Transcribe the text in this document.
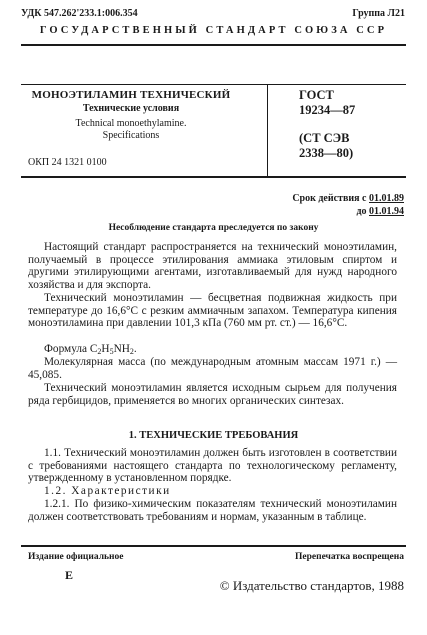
УДК 547.262'233.1:006.354	Группа Л21
ГОСУДАРСТВЕННЫЙ СТАНДАРТ СОЮЗА ССР
МОНОЭТИЛАМИН ТЕХНИЧЕСКИЙ
Технические условия
Technical monoethylamine.
Specifications
ОКП 24 1321 0100
ГОСТ
19234—87
(СТ СЭВ
2338—80)
Срок действия с 01.01.89
до 01.01.94
Несоблюдение стандарта преследуется по закону
Настоящий стандарт распространяется на технический моноэтиламин, получаемый в процессе этилирования аммиака этиловым спиртом и другими этилирующими агентами, изготавливаемый для нужд народного хозяйства и для экспорта.
Технический моноэтиламин — бесцветная подвижная жидкость при температуре до 16,6°С с резким аммиачным запахом. Температура кипения моноэтиламина при давлении 101,3 кПа (760 мм рт. ст.) — 16,6°С.
Формула $C_2H_5NH_2$.
Молекулярная масса (по международным атомным массам 1971 г.) — 45,085.
Технический моноэтиламин является исходным сырьем для получения ряда гербицидов, применяется во многих органических синтезах.
1. ТЕХНИЧЕСКИЕ ТРЕБОВАНИЯ
1.1. Технический моноэтиламин должен быть изготовлен в соответствии с требованиями настоящего стандарта по технологическому регламенту, утвержденному в установленном порядке.
1.2. Характеристики
1.2.1. По физико-химическим показателям технический моноэтиламин должен соответствовать требованиям и нормам, указанным в таблице.
Издание официальное	Перепечатка воспрещена
Е
© Издательство стандартов, 1988
